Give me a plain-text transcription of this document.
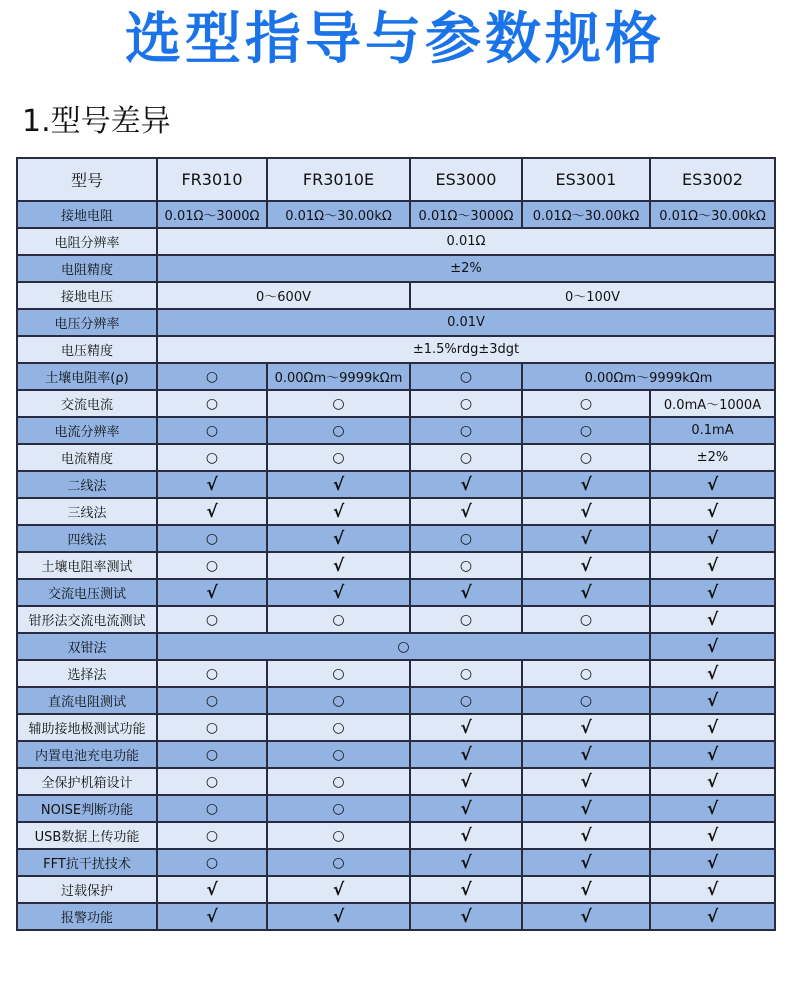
选型指导与参数规格
1.型号差异
型号	FR3010	FR3010E	ES3000	ES3001	ES3002
接地电阻	0.01Ω～3000Ω	0.01Ω～30.00kΩ	0.01Ω～3000Ω	0.01Ω～30.00kΩ	0.01Ω～30.00kΩ
电阻分辨率	0.01Ω				
电阻精度	±2%				
接地电压	0～600V		0～100V		
电压分辨率	0.01V				
电压精度	±1.5%rdg±3dgt				
土壤电阻率(ρ)	○	0.00Ωm～9999kΩm	○	0.00Ωm～9999kΩm	
交流电流	○	○	○	○	0.0mA～1000A
电流分辨率	○	○	○	○	0.1mA
电流精度	○	○	○	○	±2%
二线法	√	√	√	√	√
三线法	√	√	√	√	√
四线法	○	√	○	√	√
土壤电阻率测试	○	√	○	√	√
交流电压测试	√	√	√	√	√
钳形法交流电流测试	○	○	○	○	√
双钳法	○				√
选择法	○	○	○	○	√
直流电阻测试	○	○	○	○	√
辅助接地极测试功能	○	○	√	√	√
内置电池充电功能	○	○	√	√	√
全保护机箱设计	○	○	√	√	√
NOISE判断功能	○	○	√	√	√
USB数据上传功能	○	○	√	√	√
FFT抗干扰技术	○	○	√	√	√
过载保护	√	√	√	√	√
报警功能	√	√	√	√	√
